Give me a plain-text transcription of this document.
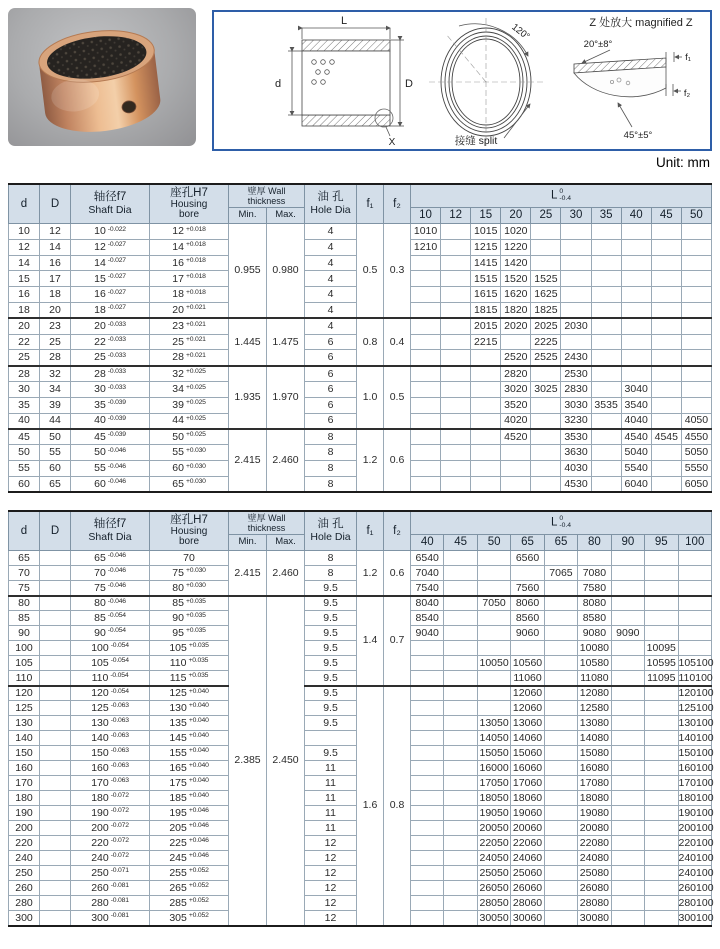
L
d	D
X
120°
接缝 split
Z 处放大 magnified Z
20°±8°
f₁
f₂
45°±5°
Unit: mm
d	D	轴径f7
Shaft Dia	座孔H7
Housing
bore	壁厚 Wall thickness		油 孔
Hole Dia	f₁	f₂	L 0
-0.4									

				Min.	Max.				10	12	15	20	25	30	35	40	45	50
10	12	10 $^{-0.022}$	12 $^{+0.018}$	0.955	0.980	4	0.5	0.3	1010		1015	1020						
12	14	12 $^{-0.027}$	14 $^{+0.018}$			4			1210		1215	1220						
14	16	14 $^{-0.027}$	16 $^{+0.018}$			4					1415	1420						
15	17	15 $^{-0.027}$	17 $^{+0.018}$			4					1515	1520	1525					
16	18	16 $^{-0.027}$	18 $^{+0.018}$			4					1615	1620	1625					
18	20	18 $^{-0.027}$	20 $^{+0.021}$			4					1815	1820	1825					
20	23	20 $^{-0.033}$	23 $^{+0.021}$	1.445	1.475	4	0.8	0.4			2015	2020	2025	2030				
22	25	22 $^{-0.033}$	25 $^{+0.021}$			6					2215		2225					
25	28	25 $^{-0.033}$	28 $^{+0.021}$			6						2520	2525	2430				
28	32	28 $^{-0.033}$	32 $^{+0.025}$	1.935	1.970	6	1.0	0.5				2820		2530				
30	34	30 $^{-0.033}$	34 $^{+0.025}$			6						3020	3025	2830		3040		
35	39	35 $^{-0.039}$	39 $^{+0.025}$			6						3520		3030	3535	3540		
40	44	40 $^{-0.039}$	44 $^{+0.025}$			6						4020		3230		4040		4050
45	50	45 $^{-0.039}$	50 $^{+0.025}$	2.415	2.460	8	1.2	0.6				4520		3530		4540	4545	4550
50	55	50 $^{-0.046}$	55 $^{+0.030}$			8								3630		5040		5050
55	60	55 $^{-0.046}$	60 $^{+0.030}$			8								4030		5540		5550
60	65	60 $^{-0.046}$	65 $^{+0.030}$			8								4530		6040		6050
d	D	轴径f7
Shaft Dia	座孔H7
Housing
bore	壁厚 Wall thickness		油 孔
Hole Dia	f₁	f₂	L 0
-0.4								

				Min.	Max.				40	45	50	65	65	80	90	95	100
65		65 $^{-0.046}$	70	2.415	2.460	8	1.2	0.6	6540			6560					
70		70 $^{-0.046}$	75 $^{+0.030}$			8			7040				7065	7080			
75		75 $^{-0.046}$	80 $^{+0.030}$			9.5			7540			7560		7580			
80		80 $^{-0.046}$	85 $^{+0.035}$	2.385	2.450	9.5	1.4	0.7	8040		7050	8060		8080			
85		85 $^{-0.054}$	90 $^{+0.035}$			9.5			8540			8560		8580			
90		90 $^{-0.054}$	95 $^{+0.035}$			9.5			9040			9060		9080	9090		
100		100 $^{-0.054}$	105 $^{+0.035}$			9.5								10080		10095	
105		105 $^{-0.054}$	110 $^{+0.035}$			9.5					10050	10560		10580		10595	105100
110		110 $^{-0.054}$	115 $^{+0.035}$			9.5						11060		11080		11095	110100
120		120 $^{-0.054}$	125 $^{+0.040}$			9.5	1.6	0.8				12060		12080			120100
125		125 $^{-0.063}$	130 $^{+0.040}$			9.5						12060		12580			125100
130		130 $^{-0.063}$	135 $^{+0.040}$			9.5					13050	13060		13080			130100
140		140 $^{-0.063}$	145 $^{+0.040}$								14050	14060		14080			140100
150		150 $^{-0.063}$	155 $^{+0.040}$			9.5					15050	15060		15080			150100
160		160 $^{-0.063}$	165 $^{+0.040}$			11					16000	16060		16080			160100
170		170 $^{-0.063}$	175 $^{+0.040}$			11					17050	17060		17080			170100
180		180 $^{-0.072}$	185 $^{+0.040}$			11					18050	18060		18080			180100
190		190 $^{-0.072}$	195 $^{+0.046}$			11					19050	19060		19080			190100
200		200 $^{-0.072}$	205 $^{+0.046}$			11					20050	20060		20080			200100
220		220 $^{-0.072}$	225 $^{+0.046}$			12					22050	22060		22080			220100
240		240 $^{-0.072}$	245 $^{+0.046}$			12					24050	24060		24080			240100
250		250 $^{-0.071}$	255 $^{+0.052}$			12					25050	25060		25080			240100
260		260 $^{-0.081}$	265 $^{+0.052}$			12					26050	26060		26080			260100
280		280 $^{-0.081}$	285 $^{+0.052}$			12					28050	28060		28080			280100
300		300 $^{-0.081}$	305 $^{+0.052}$			12					30050	30060		30080			300100
